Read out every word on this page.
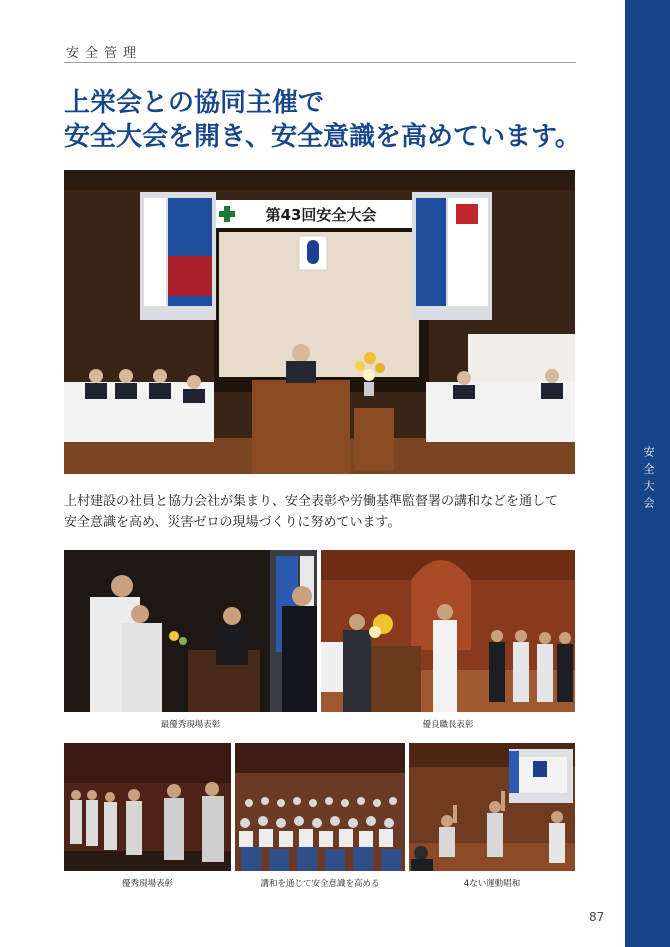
安全管理
上栄会との協同主催で
安全大会を開き、安全意識を高めています。
安全大会
第43回安全大会

上村建設の社員と協力会社が集まり、安全表彰や労働基準監督署の講和などを通して
安全意識を高め、災害ゼロの現場づくりに努めています。

最優秀現場表彰	優良職長表彰
優秀現場表彰	講和を通じて安全意識を高める	4ない運動唱和
87
